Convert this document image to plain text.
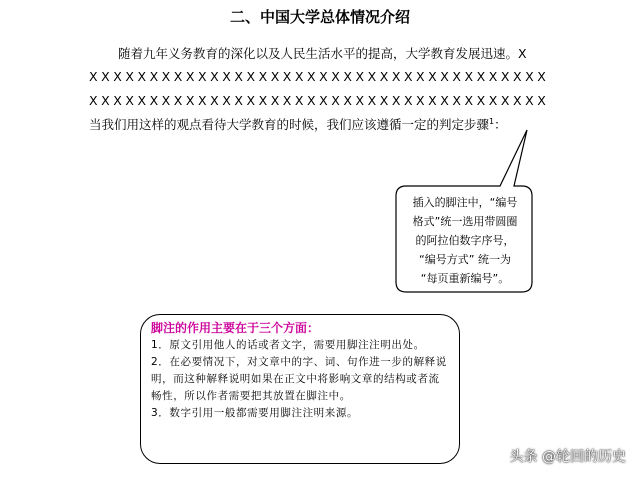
二、中国大学总体情况介绍
随着九年义务教育的深化以及人民生活水平的提高，大学教育发展迅速。X
XXXXXXXXXXXXXXXXXXXXXXXXXXXXXXXXXXXXXX
XXXXXXXXXXXXXXXXXXXXXXXXXXXXXXXXXXXXXX
当我们用这样的观点看待大学教育的时候，我们应该遵循一定的判定步骤$^1$：
插入的脚注中，“编号
格式”统一选用带圆圈
的阿拉伯数字序号，
“编号方式” 统一为
“每页重新编号”。
脚注的作用主要在于三个方面：
1．原文引用他人的话或者文字，需要用脚注注明出处。
2．在必要情况下，对文章中的字、词、句作进一步的解释说明，而这种解释说明如果在正文中将影响文章的结构或者流畅性，所以作者需要把其放置在脚注中。
3．数字引用一般都需要用脚注注明来源。
头条 @轮回的历史
